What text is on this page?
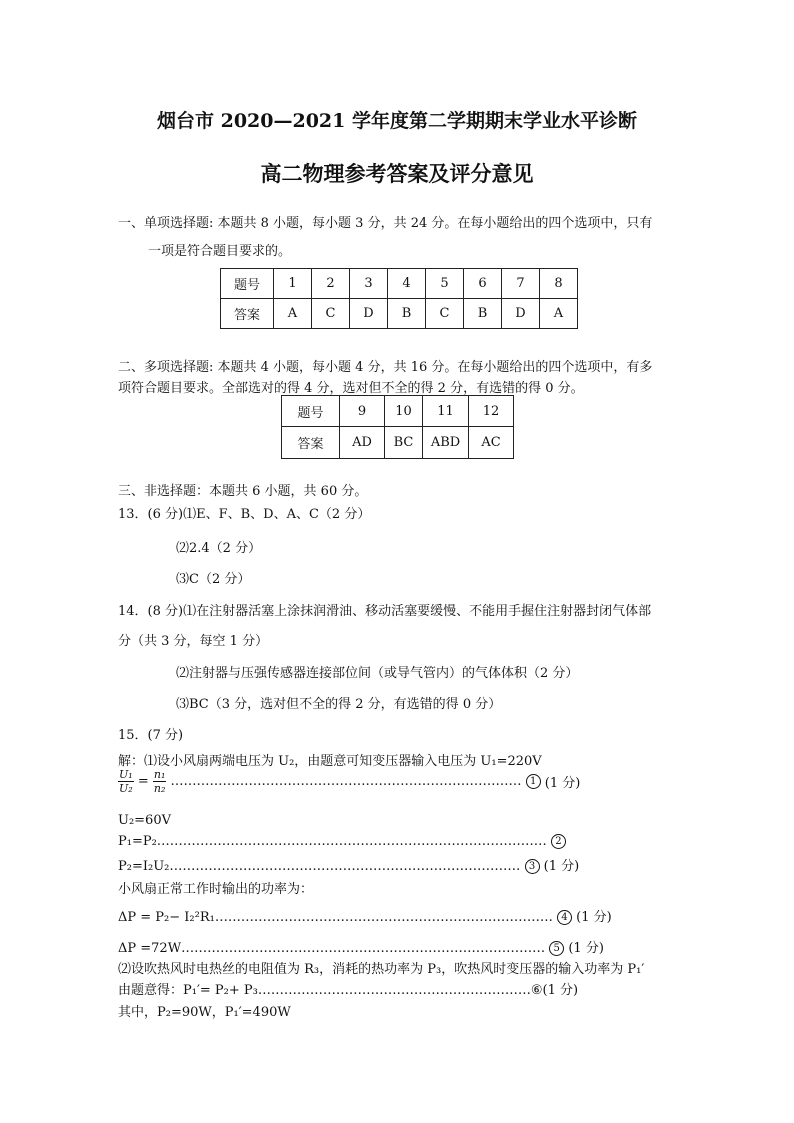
烟台市 2020—2021 学年度第二学期期末学业水平诊断
高二物理参考答案及评分意见
一、单项选择题: 本题共 8 小题，每小题 3 分，共 24 分。在每小题给出的四个选项中，只有
一项是符合题目要求的。
题号	1	2	3	4	5	6	7	8
答案	A	C	D	B	C	B	D	A
二、多项选择题: 本题共 4 小题，每小题 4 分，共 16 分。在每小题给出的四个选项中，有多
项符合题目要求。全部选对的得 4 分，选对但不全的得 2 分，有选错的得 0 分。
题号	9	10	11	12
答案	AD	BC	ABD	AC
三、非选择题：本题共 6 小题，共 60 分。
13．(6 分)⑴E、F、B、D、A、C（2 分）
⑵2.4（2 分）
⑶C（2 分）
14．(8 分)⑴在注射器活塞上涂抹润滑油、移动活塞要缓慢、不能用手握住注射器封闭气体部
分（共 3 分，每空 1 分）
⑵注射器与压强传感器连接部位间（或导气管内）的气体体积（2 分）
⑶BC（3 分，选对但不全的得 2 分，有选错的得 0 分）
15．(7 分)
解：⑴设小风扇两端电压为 U₂，由题意可知变压器输入电压为 U₁=220V
$\frac{\text{U₁}}{\text{U₂}} = \frac{\text{n₁}}{\text{n₂}}$ ……………………………………………………………………… 1 (1 分)
U₂=60V
P₁=P₂……………………………………………………………………………… 2
P₂=I₂U₂……………………………………………………………………… 3 (1 分)
小风扇正常工作时输出的功率为：
ΔP = P₂− I₂²R₁…………………………………………………………………… 4 (1 分)
ΔP =72W………………………………………………………………………… 5 (1 分)
⑵设吹热风时电热丝的电阻值为 R₃，消耗的热功率为 P₃，吹热风时变压器的输入功率为 P₁′
由题意得：P₁′= P₂+ P₃………………………………………………………⑥(1 分)
其中，P₂=90W，P₁′=490W
